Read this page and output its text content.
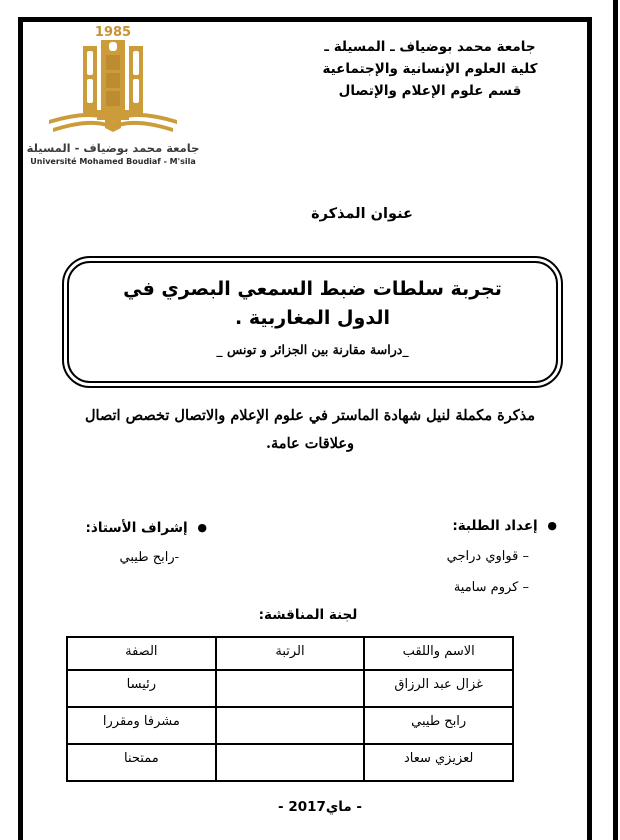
1985
جامعة محمد بوضياف - المسيلة
Université Mohamed Boudiaf - M'sila
جامعة محمد بوضياف ـ المسيلة ـ
كلية العلوم الإنسانية والإجتماعية
قسم علوم الإعلام والإتصال
عنوان المذكرة
تجربة سلطات ضبط السمعي البصري في الدول المغاربية .
_دراسة مقارنة بين الجزائر و تونس _
مذكرة مكملة لنيل شهادة الماستر في علوم الإعلام والاتصال تخصص اتصال
وعلاقات عامة.
● إعداد الطلبة:
– قواوي دراجي
– كروم سامية
● إشراف الأستاذ:
-رابح طيبي
لجنة المناقشة:
الاسم واللقب	الرتبة	الصفة
غزال عبد الرزاق		رئيسا
رابح طيبي		مشرفا ومقررا
لعزيزي سعاد		ممتحنا
- ماي2017 -
